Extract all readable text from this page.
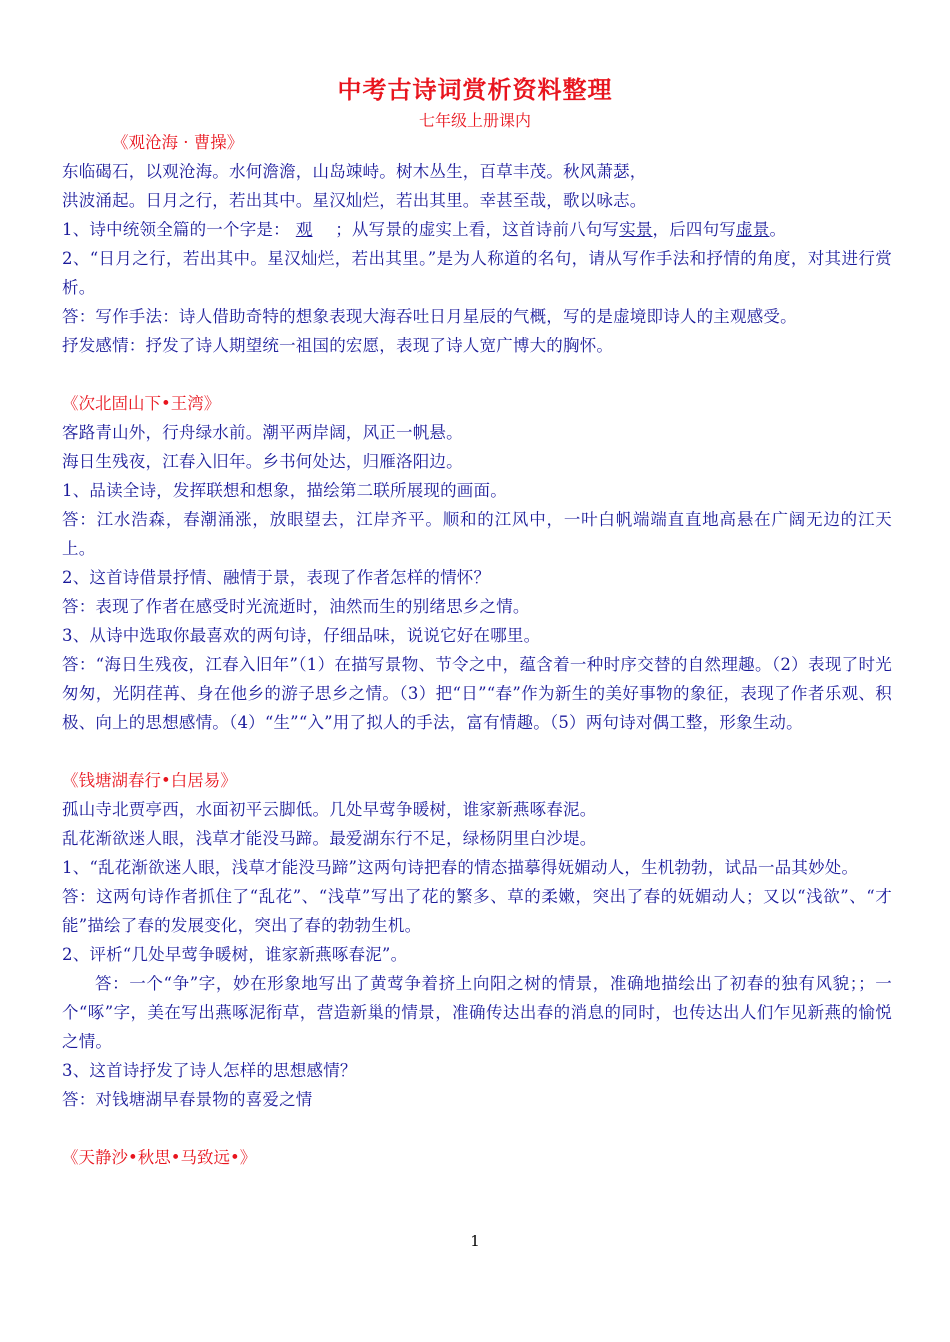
中考古诗词赏析资料整理
七年级上册课内

《观沧海 · 曹操》

东临碣石，以观沧海。水何澹澹，山岛竦峙。树木丛生，百草丰茂。秋风萧瑟，

洪波涌起。日月之行，若出其中。星汉灿烂，若出其里。幸甚至哉，歌以咏志。

1、诗中统领全篇的一个字是： 观  ；从写景的虚实上看，这首诗前八句写实景，后四句写虚景。

2、“日月之行，若出其中。星汉灿烂，若出其里。”是为人称道的名句，请从写作手法和抒情的角度，对其进行赏析。

答：写作手法：诗人借助奇特的想象表现大海吞吐日月星辰的气概，写的是虚境即诗人的主观感受。

抒发感情：抒发了诗人期望统一祖国的宏愿，表现了诗人宽广博大的胸怀。

《次北固山下•王湾》

客路青山外，行舟绿水前。潮平两岸阔，风正一帆悬。

海日生残夜，江春入旧年。乡书何处达，归雁洛阳边。

1、品读全诗，发挥联想和想象，描绘第二联所展现的画面。

答：江水浩森，春潮涌涨，放眼望去，江岸齐平。顺和的江风中，一叶白帆端端直直地高悬在广阔无边的江天上。

2、这首诗借景抒情、融情于景，表现了作者怎样的情怀？

答：表现了作者在感受时光流逝时，油然而生的别绪思乡之情。

3、从诗中选取你最喜欢的两句诗，仔细品味，说说它好在哪里。

答：“海日生残夜，江春入旧年”（1）在描写景物、节令之中，蕴含着一种时序交替的自然理趣。（2）表现了时光匆匆，光阴荏苒、身在他乡的游子思乡之情。（3）把“日”“春”作为新生的美好事物的象征，表现了作者乐观、积极、向上的思想感情。（4）“生”“入”用了拟人的手法，富有情趣。（5）两句诗对偶工整，形象生动。

《钱塘湖春行•白居易》

孤山寺北贾亭西，水面初平云脚低。几处早莺争暖树，谁家新燕啄春泥。

乱花渐欲迷人眼，浅草才能没马蹄。最爱湖东行不足，绿杨阴里白沙堤。

1、“乱花渐欲迷人眼，浅草才能没马蹄”这两句诗把春的情态描摹得妩媚动人，生机勃勃，试品一品其妙处。

答：这两句诗作者抓住了“乱花”、“浅草”写出了花的繁多、草的柔嫩，突出了春的妩媚动人；又以“浅欲”、“才能”描绘了春的发展变化，突出了春的勃勃生机。

2、评析“几处早莺争暖树，谁家新燕啄春泥”。

答：一个“争”字，妙在形象地写出了黄莺争着挤上向阳之树的情景，准确地描绘出了初春的独有风貌；；一个“啄”字，美在写出燕啄泥衔草，营造新巢的情景，准确传达出春的消息的同时，也传达出人们乍见新燕的愉悦之情。

3、这首诗抒发了诗人怎样的思想感情？

答：对钱塘湖早春景物的喜爱之情

《天静沙•秋思•马致远•》

1
